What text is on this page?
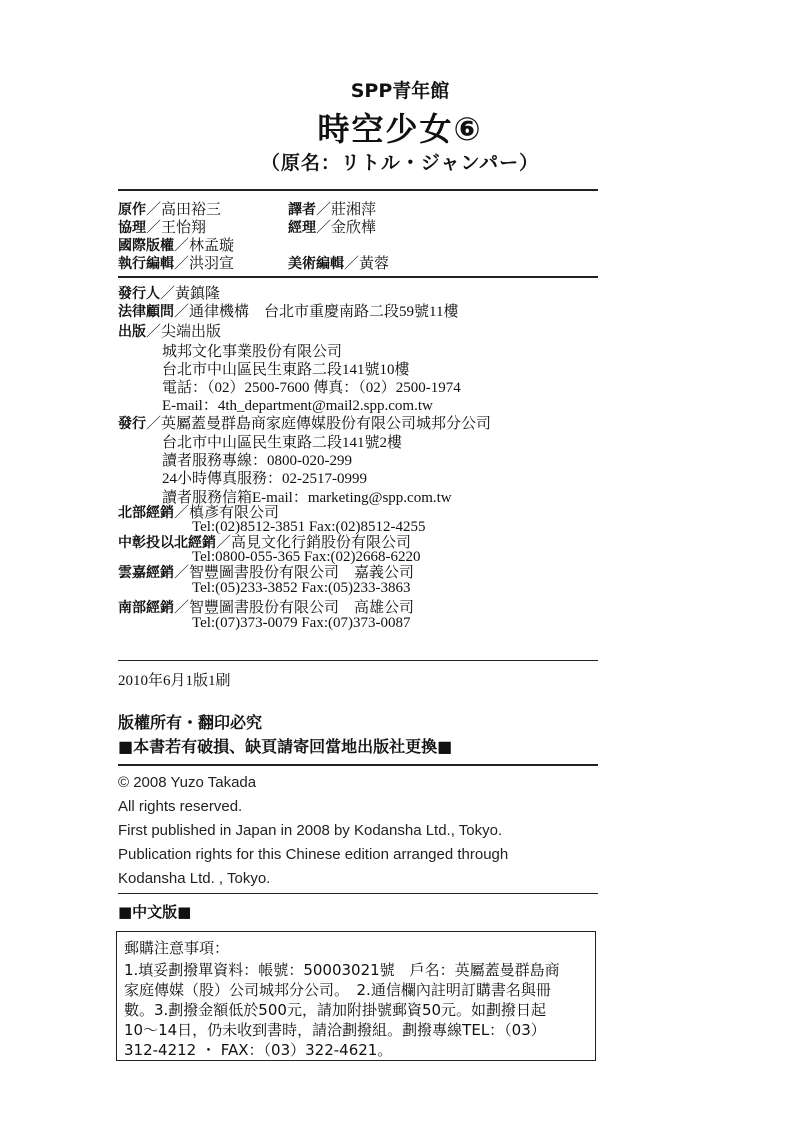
SPP青年館
時空少女⑥
（原名：リトル・ジャンパー）
原作／高田裕三	譯者／莊湘萍
協理／王怡翔	經理／金欣樺
國際版權／林孟璇
執行編輯／洪羽宣	美術編輯／黃蓉
發行人／黃鎮隆
法律顧問／通律機構　台北市重慶南路二段59號11樓
出版／尖端出版
城邦文化事業股份有限公司
台北市中山區民生東路二段141號10樓
電話：（02）2500-7600 傳真：（02）2500-1974
E-mail：4th_department@mail2.spp.com.tw
發行／英屬蓋曼群島商家庭傳媒股份有限公司城邦分公司
台北市中山區民生東路二段141號2樓
讀者服務專線：0800-020-299
24小時傳真服務：02-2517-0999
讀者服務信箱E-mail：marketing@spp.com.tw
北部經銷／槙彥有限公司
Tel:(02)8512-3851 Fax:(02)8512-4255
中彰投以北經銷／高見文化行銷股份有限公司
Tel:0800-055-365 Fax:(02)2668-6220
雲嘉經銷／智豐圖書股份有限公司　嘉義公司
Tel:(05)233-3852 Fax:(05)233-3863
南部經銷／智豐圖書股份有限公司　高雄公司
Tel:(07)373-0079 Fax:(07)373-0087
2010年6月1版1刷
版權所有・翻印必究
■本書若有破損、缺頁請寄回當地出版社更換■
© 2008 Yuzo Takada
All rights reserved.
First published in Japan in 2008 by Kodansha Ltd., Tokyo.
Publication rights for this Chinese edition arranged through
Kodansha Ltd. , Tokyo.
■中文版■
郵購注意事項：
1.填妥劃撥單資料：帳號：50003021號　戶名：英屬蓋曼群島商
家庭傳媒（股）公司城邦分公司。　2.通信欄內註明訂購書名與冊
數。3.劃撥金額低於500元，請加附掛號郵資50元。如劃撥日起
10～14日，仍未收到書時，請洽劃撥組。劃撥專線TEL：（03）
312-4212 ・ FAX：（03）322-4621。
